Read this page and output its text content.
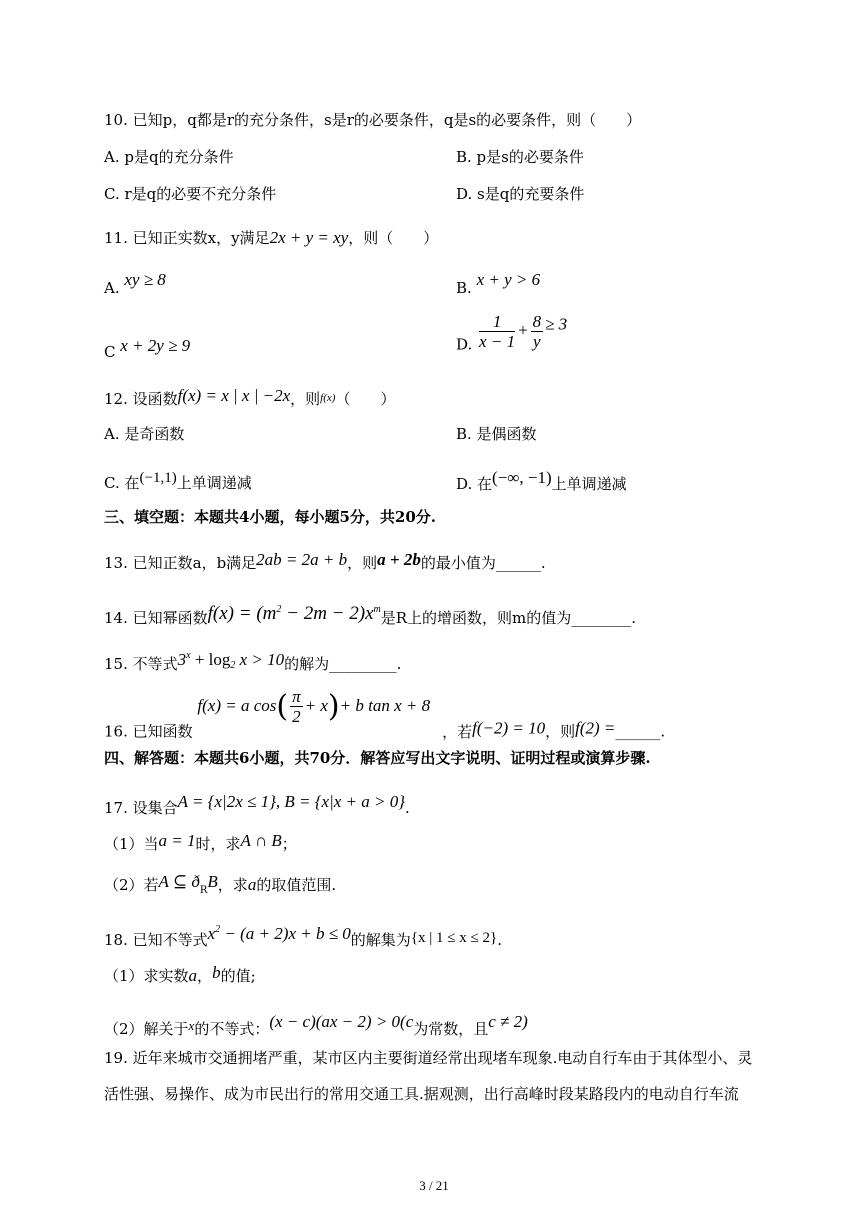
10. 已知p，q都是r的充分条件，s是r的必要条件，q是s的必要条件，则（　　）
A. p是q的充分条件	B. p是s的必要条件
C. r是q的必要不充分条件	D. s是q的充要条件
11. 已知正实数x，y满足2x + y = xy，则（　　）
A. xy ≥ 8	B. x + y > 6
C x + 2y ≥ 9	D. $\frac{1}{x - 1} + \frac{8}{y} \ge 3$
12. 设函数f(x) = x | x | −2x，则$^{f(x)}$（　　）
A. 是奇函数	B. 是偶函数
C. 在(−1,1)上单调递减	D. 在(−∞, −1)上单调递减
三、填空题：本题共4小题，每小题5分，共20分.
13. 已知正数a，b满足2ab = 2a + b，则a + 2b的最小值为______.
14. 已知幂函数$f(x) = (m^2 - 2m - 2)x^m$是R上的增函数，则m的值为________.
15. 不等式$3^x + \log_2 x > 10$的解为_________.
16. 已知函数 f(x) = a $\cos( \frac{\pi}{2} + x)+ b$ tan x + 8，若f(−2) = 10，则f(2) =______.
四、解答题：本题共6小题，共70分．解答应写出文字说明、证明过程或演算步骤.
17. 设集合A = {x|2x ≤ 1}, B = {x|x + a > 0}.
（1）当a = 1时，求A ∩ B；
（2）若A ⊆ $ð_RB$，求a的取值范围.
18. 已知不等式$x^2 - (a + 2)x + b \le 0$的解集为{x | 1 ≤ x ≤ 2}.
（1）求实数a，b的值;
（2）解关于x的不等式：(x − c)(ax − 2) > 0(c为常数，且c ≠ 2)
19. 近年来城市交通拥堵严重，某市区内主要街道经常出现堵车现象.电动自行车由于其体型小、灵
活性强、易操作、成为市民出行的常用交通工具.据观测，出行高峰时段某路段内的电动自行车流
3 / 21
